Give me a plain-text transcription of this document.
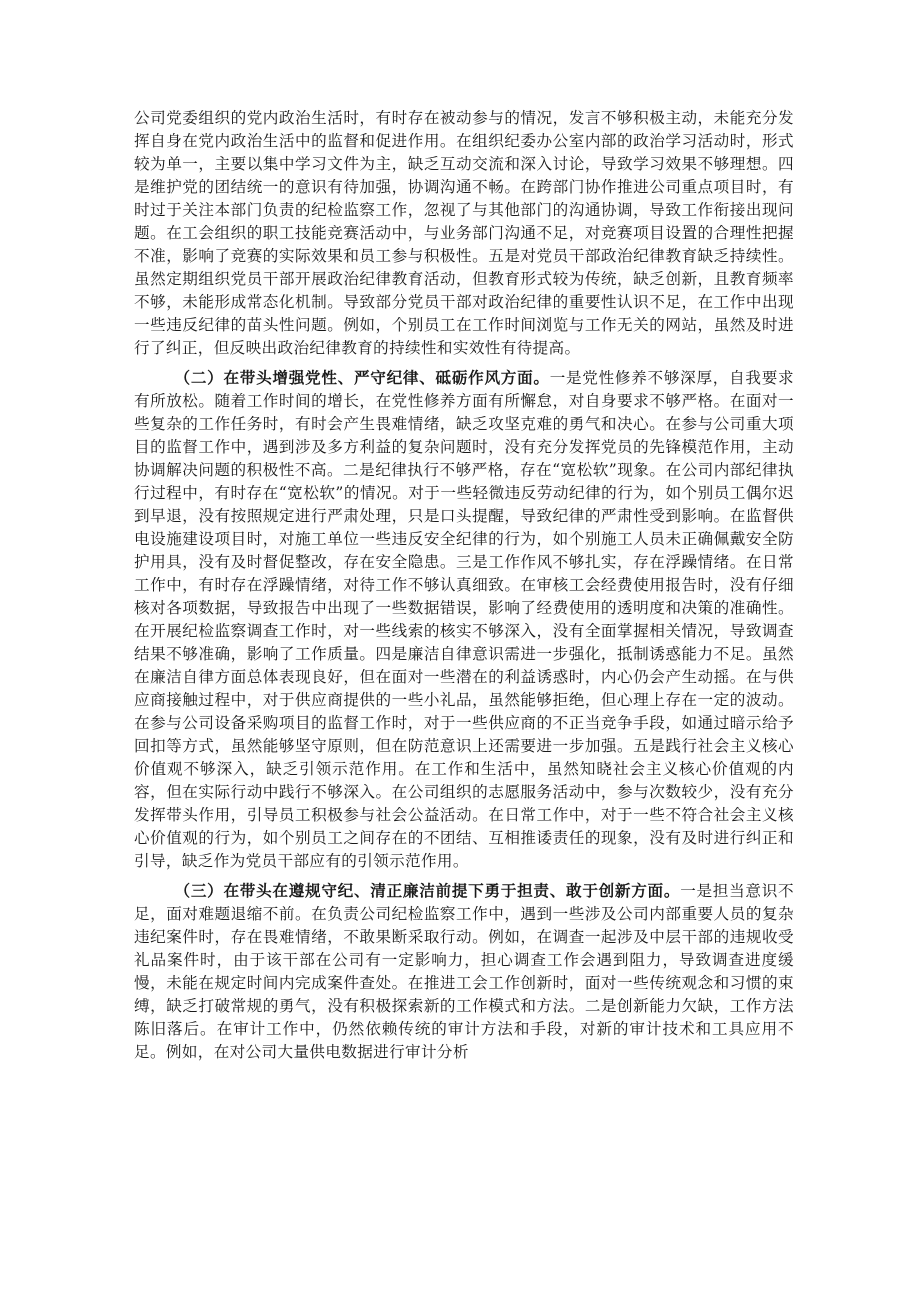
公司党委组织的党内政治生活时，有时存在被动参与的情况，发言不够积极主动，未能充分发挥自身在党内政治生活中的监督和促进作用。在组织纪委办公室内部的政治学习活动时，形式较为单一，主要以集中学习文件为主，缺乏互动交流和深入讨论，导致学习效果不够理想。四是维护党的团结统一的意识有待加强，协调沟通不畅。在跨部门协作推进公司重点项目时，有时过于关注本部门负责的纪检监察工作，忽视了与其他部门的沟通协调，导致工作衔接出现问题。在工会组织的职工技能竞赛活动中，与业务部门沟通不足，对竞赛项目设置的合理性把握不准，影响了竞赛的实际效果和员工参与积极性。五是对党员干部政治纪律教育缺乏持续性。虽然定期组织党员干部开展政治纪律教育活动，但教育形式较为传统，缺乏创新，且教育频率不够，未能形成常态化机制。导致部分党员干部对政治纪律的重要性认识不足，在工作中出现一些违反纪律的苗头性问题。例如，个别员工在工作时间浏览与工作无关的网站，虽然及时进行了纠正，但反映出政治纪律教育的持续性和实效性有待提高。

（二）在带头增强党性、严守纪律、砥砺作风方面。一是党性修养不够深厚，自我要求有所放松。随着工作时间的增长，在党性修养方面有所懈怠，对自身要求不够严格。在面对一些复杂的工作任务时，有时会产生畏难情绪，缺乏攻坚克难的勇气和决心。在参与公司重大项目的监督工作中，遇到涉及多方利益的复杂问题时，没有充分发挥党员的先锋模范作用，主动协调解决问题的积极性不高。二是纪律执行不够严格，存在“宽松软”现象。在公司内部纪律执行过程中，有时存在“宽松软”的情况。对于一些轻微违反劳动纪律的行为，如个别员工偶尔迟到早退，没有按照规定进行严肃处理，只是口头提醒，导致纪律的严肃性受到影响。在监督供电设施建设项目时，对施工单位一些违反安全纪律的行为，如个别施工人员未正确佩戴安全防护用具，没有及时督促整改，存在安全隐患。三是工作作风不够扎实，存在浮躁情绪。在日常工作中，有时存在浮躁情绪，对待工作不够认真细致。在审核工会经费使用报告时，没有仔细核对各项数据，导致报告中出现了一些数据错误，影响了经费使用的透明度和决策的准确性。在开展纪检监察调查工作时，对一些线索的核实不够深入，没有全面掌握相关情况，导致调查结果不够准确，影响了工作质量。四是廉洁自律意识需进一步强化，抵制诱惑能力不足。虽然在廉洁自律方面总体表现良好，但在面对一些潜在的利益诱惑时，内心仍会产生动摇。在与供应商接触过程中，对于供应商提供的一些小礼品，虽然能够拒绝，但心理上存在一定的波动。在参与公司设备采购项目的监督工作时，对于一些供应商的不正当竞争手段，如通过暗示给予回扣等方式，虽然能够坚守原则，但在防范意识上还需要进一步加强。五是践行社会主义核心价值观不够深入，缺乏引领示范作用。在工作和生活中，虽然知晓社会主义核心价值观的内容，但在实际行动中践行不够深入。在公司组织的志愿服务活动中，参与次数较少，没有充分发挥带头作用，引导员工积极参与社会公益活动。在日常工作中，对于一些不符合社会主义核心价值观的行为，如个别员工之间存在的不团结、互相推诿责任的现象，没有及时进行纠正和引导，缺乏作为党员干部应有的引领示范作用。

（三）在带头在遵规守纪、清正廉洁前提下勇于担责、敢于创新方面。一是担当意识不足，面对难题退缩不前。在负责公司纪检监察工作中，遇到一些涉及公司内部重要人员的复杂违纪案件时，存在畏难情绪，不敢果断采取行动。例如，在调查一起涉及中层干部的违规收受礼品案件时，由于该干部在公司有一定影响力，担心调查工作会遇到阻力，导致调查进度缓慢，未能在规定时间内完成案件查处。在推进工会工作创新时，面对一些传统观念和习惯的束缚，缺乏打破常规的勇气，没有积极探索新的工作模式和方法。二是创新能力欠缺，工作方法陈旧落后。在审计工作中，仍然依赖传统的审计方法和手段，对新的审计技术和工具应用不足。例如，在对公司大量供电数据进行审计分析
